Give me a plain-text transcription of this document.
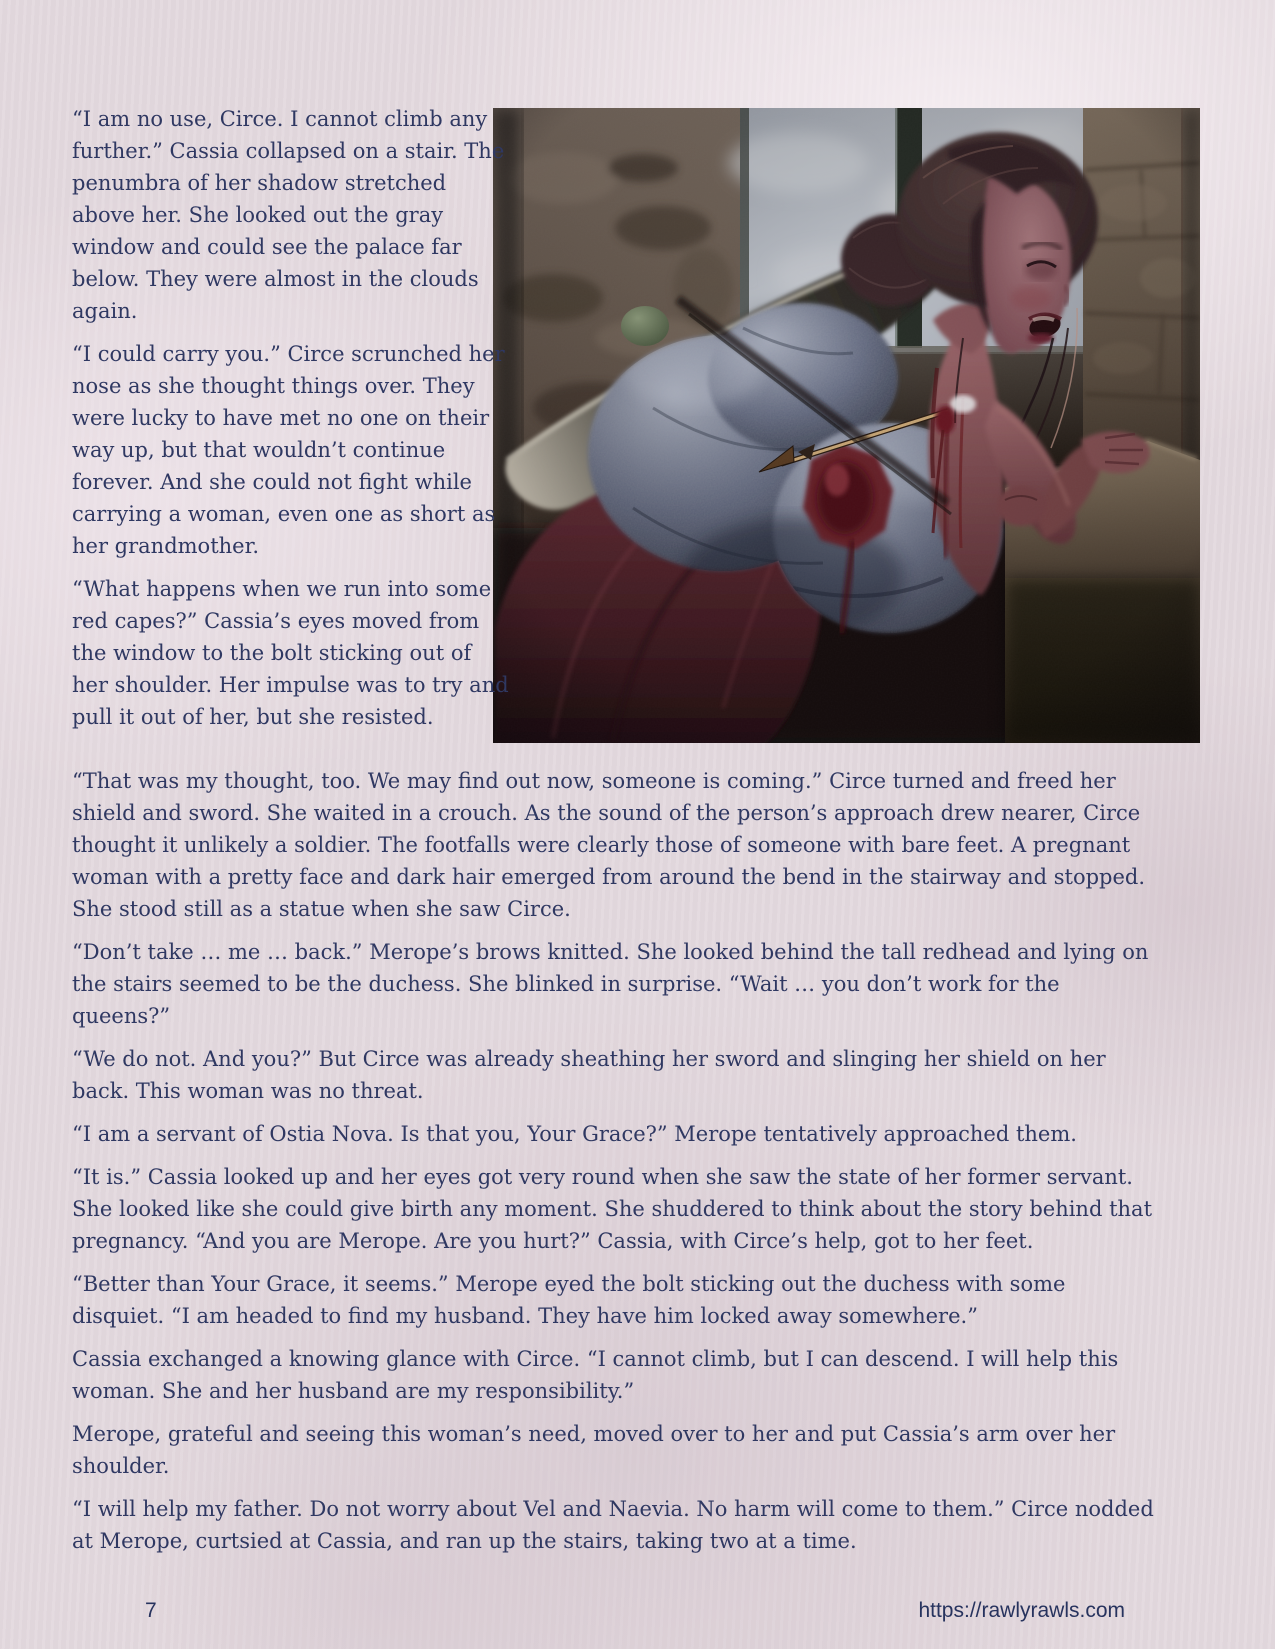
“I am no use, Circe. I cannot climb any further.” Cassia collapsed on a stair. The penumbra of her shadow stretched above her. She looked out the gray window and could see the palace far below. They were almost in the clouds again.

“I could carry you.” Circe scrunched her nose as she thought things over. They were lucky to have met no one on their way up, but that wouldn’t continue forever. And she could not fight while carrying a woman, even one as short as her grandmother.

“What happens when we run into some red capes?” Cassia’s eyes moved from the window to the bolt sticking out of her shoulder. Her impulse was to try and pull it out of her, but she resisted.

“That was my thought, too. We may find out now, someone is coming.” Circe turned and freed her shield and sword. She waited in a crouch. As the sound of the person’s approach drew nearer, Circe thought it unlikely a soldier. The footfalls were clearly those of someone with bare feet. A pregnant woman with a pretty face and dark hair emerged from around the bend in the stairway and stopped. She stood still as a statue when she saw Circe.

“Don’t take … me … back.” Merope’s brows knitted. She looked behind the tall redhead and lying on the stairs seemed to be the duchess. She blinked in surprise. “Wait … you don’t work for the queens?”

“We do not. And you?” But Circe was already sheathing her sword and slinging her shield on her back. This woman was no threat.

“I am a servant of Ostia Nova. Is that you, Your Grace?” Merope tentatively approached them.

“It is.” Cassia looked up and her eyes got very round when she saw the state of her former servant. She looked like she could give birth any moment. She shuddered to think about the story behind that pregnancy. “And you are Merope. Are you hurt?” Cassia, with Circe’s help, got to her feet.

“Better than Your Grace, it seems.” Merope eyed the bolt sticking out the duchess with some disquiet. “I am headed to find my husband. They have him locked away somewhere.”

Cassia exchanged a knowing glance with Circe. “I cannot climb, but I can descend. I will help this woman. She and her husband are my responsibility.”

Merope, grateful and seeing this woman’s need, moved over to her and put Cassia’s arm over her shoulder.

“I will help my father. Do not worry about Vel and Naevia. No harm will come to them.” Circe nodded at Merope, curtsied at Cassia, and ran up the stairs, taking two at a time.

7	https://rawlyrawls.com
